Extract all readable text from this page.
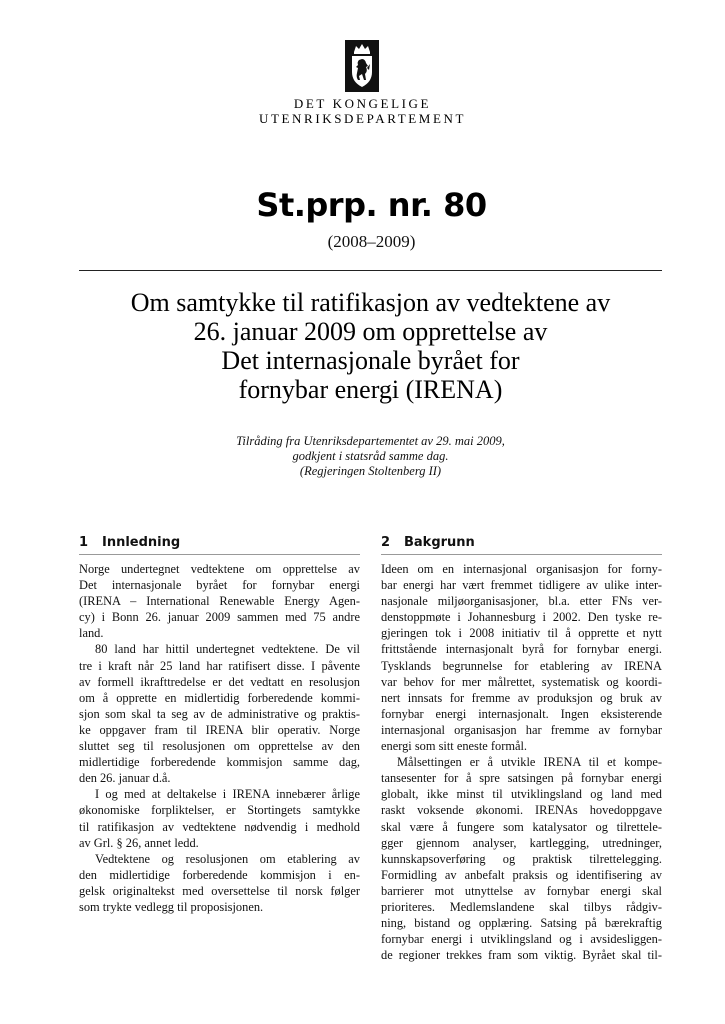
DET KONGELIGE
UTENRIKSDEPARTEMENT
St.prp. nr. 80
(2008–2009)
Om samtykke til ratifikasjon av vedtektene av
26. januar 2009 om opprettelse av
Det internasjonale byrået for
fornybar energi (IRENA)
Tilråding fra Utenriksdepartementet av 29. mai 2009,
godkjent i statsråd samme dag.
(Regjeringen Stoltenberg II)
1 Innledning
Norge undertegnet vedtektene om opprettelse av
Det internasjonale byrået for fornybar energi
(IRENA – International Renewable Energy Agen-
cy) i Bonn 26. januar 2009 sammen med 75 andre
land.
80 land har hittil undertegnet vedtektene. De vil
tre i kraft når 25 land har ratifisert disse. I påvente
av formell ikrafttredelse er det vedtatt en resolusjon
om å opprette en midlertidig forberedende kommi-
sjon som skal ta seg av de administrative og praktis-
ke oppgaver fram til IRENA blir operativ. Norge
sluttet seg til resolusjonen om opprettelse av den
midlertidige forberedende kommisjon samme dag,
den 26. januar d.å.
I og med at deltakelse i IRENA innebærer årlige
økonomiske forpliktelser, er Stortingets samtykke
til ratifikasjon av vedtektene nødvendig i medhold
av Grl. § 26, annet ledd.
Vedtektene og resolusjonen om etablering av
den midlertidige forberedende kommisjon i en-
gelsk originaltekst med oversettelse til norsk følger
som trykte vedlegg til proposisjonen.
2 Bakgrunn
Ideen om en internasjonal organisasjon for forny-
bar energi har vært fremmet tidligere av ulike inter-
nasjonale miljøorganisasjoner, bl.a. etter FNs ver-
denstoppmøte i Johannesburg i 2002. Den tyske re-
gjeringen tok i 2008 initiativ til å opprette et nytt
frittstående internasjonalt byrå for fornybar energi.
Tysklands begrunnelse for etablering av IRENA
var behov for mer målrettet, systematisk og koordi-
nert innsats for fremme av produksjon og bruk av
fornybar energi internasjonalt. Ingen eksisterende
internasjonal organisasjon har fremme av fornybar
energi som sitt eneste formål.
Målsettingen er å utvikle IRENA til et kompe-
tansesenter for å spre satsingen på fornybar energi
globalt, ikke minst til utviklingsland og land med
raskt voksende økonomi. IRENAs hovedoppgave
skal være å fungere som katalysator og tilrettele-
gger gjennom analyser, kartlegging, utredninger,
kunnskapsoverføring og praktisk tilrettelegging.
Formidling av anbefalt praksis og identifisering av
barrierer mot utnyttelse av fornybar energi skal
prioriteres. Medlemslandene skal tilbys rådgiv-
ning, bistand og opplæring. Satsing på bærekraftig
fornybar energi i utviklingsland og i avsidesliggen-
de regioner trekkes fram som viktig. Byrået skal til-
